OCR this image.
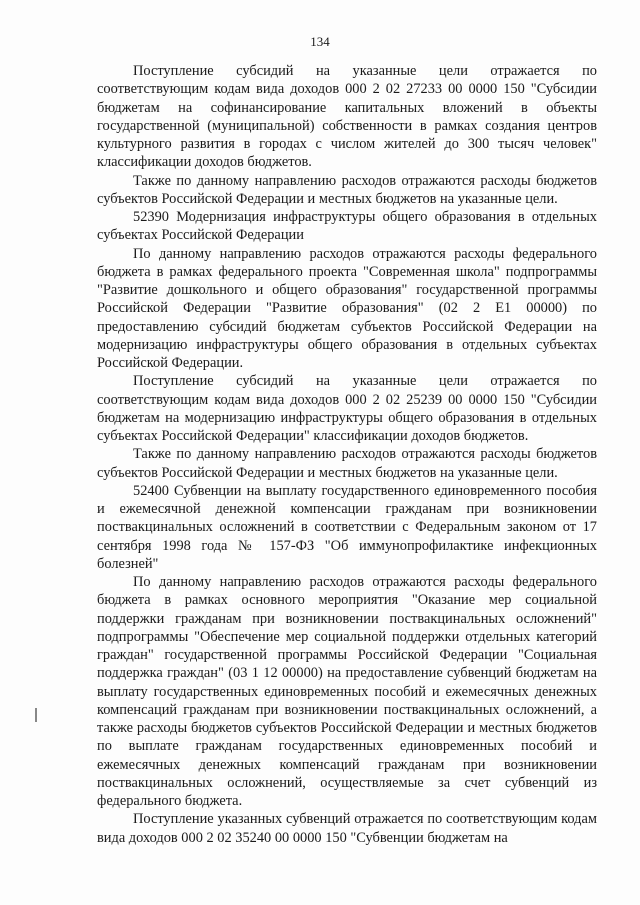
134

Поступление субсидий на указанные цели отражается по соответствующим кодам вида доходов 000 2 02 27233 00 0000 150 "Субсидии бюджетам на софинансирование капитальных вложений в объекты государственной (муниципальной) собственности в рамках создания центров культурного развития в городах с числом жителей до 300 тысяч человек" классификации доходов бюджетов.

Также по данному направлению расходов отражаются расходы бюджетов субъектов Российской Федерации и местных бюджетов на указанные цели.

52390 Модернизация инфраструктуры общего образования в отдельных субъектах Российской Федерации

По данному направлению расходов отражаются расходы федерального бюджета в рамках федерального проекта "Современная школа" подпрограммы "Развитие дошкольного и общего образования" государственной программы Российской Федерации "Развитие образования" (02 2 E1 00000) по предоставлению субсидий бюджетам субъектов Российской Федерации на модернизацию инфраструктуры общего образования в отдельных субъектах Российской Федерации.

Поступление субсидий на указанные цели отражается по соответствующим кодам вида доходов 000 2 02 25239 00 0000 150 "Субсидии бюджетам на модернизацию инфраструктуры общего образования в отдельных субъектах Российской Федерации" классификации доходов бюджетов.

Также по данному направлению расходов отражаются расходы бюджетов субъектов Российской Федерации и местных бюджетов на указанные цели.

52400 Субвенции на выплату государственного единовременного пособия и ежемесячной денежной компенсации гражданам при возникновении поствакцинальных осложнений в соответствии с Федеральным законом от 17 сентября 1998 года № 157-ФЗ "Об иммунопрофилактике инфекционных болезней"

По данному направлению расходов отражаются расходы федерального бюджета в рамках основного мероприятия "Оказание мер социальной поддержки гражданам при возникновении поствакцинальных осложнений" подпрограммы "Обеспечение мер социальной поддержки отдельных категорий граждан" государственной программы Российской Федерации "Социальная поддержка граждан" (03 1 12 00000) на предоставление субвенций бюджетам на выплату государственных единовременных пособий и ежемесячных денежных компенсаций гражданам при возникновении поствакцинальных осложнений, а также расходы бюджетов субъектов Российской Федерации и местных бюджетов по выплате гражданам государственных единовременных пособий и ежемесячных денежных компенсаций гражданам при возникновении поствакцинальных осложнений, осуществляемые за счет субвенций из федерального бюджета.

Поступление указанных субвенций отражается по соответствующим кодам вида доходов 000 2 02 35240 00 0000 150 "Субвенции бюджетам на
